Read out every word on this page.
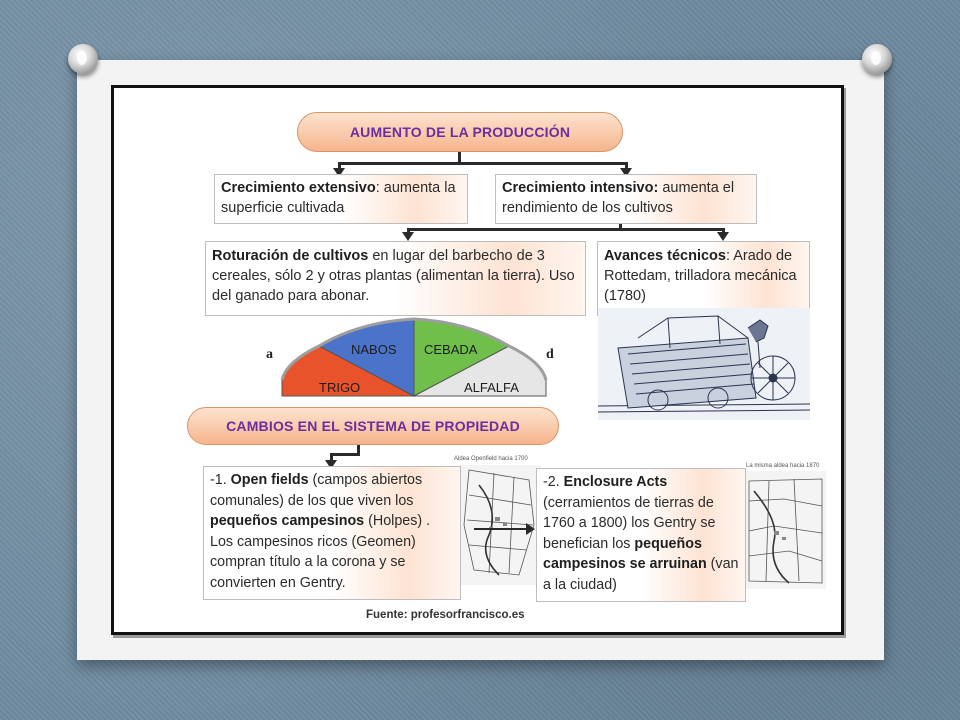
AUMENTO DE LA PRODUCCIÓN
Crecimiento extensivo: aumenta la superficie cultivada
Crecimiento intensivo: aumenta el rendimiento de los cultivos
Roturación de cultivos en lugar del barbecho de 3 cereales, sólo 2 y otras plantas (alimentan la tierra). Uso del ganado para abonar.
Avances técnicos: Arado de Rottedam, trilladora mecánica (1780)
a	d
NABOS CEBADA
TRIGO	ALFALFA
CAMBIOS EN EL SISTEMA DE PROPIEDAD
Aldea Openfield hacia 1700
La misma aldea hacia 1870
-1. Open fields (campos abiertos comunales) de los que viven los pequeños campesinos (Holpes) . Los campesinos ricos (Geomen) compran título a la corona y se convierten en Gentry.
-2. Enclosure Acts (cerramientos de tierras de 1760 a 1800) los Gentry se benefician los pequeños campesinos se arruinan (van a la ciudad)
Fuente: profesorfrancisco.es
